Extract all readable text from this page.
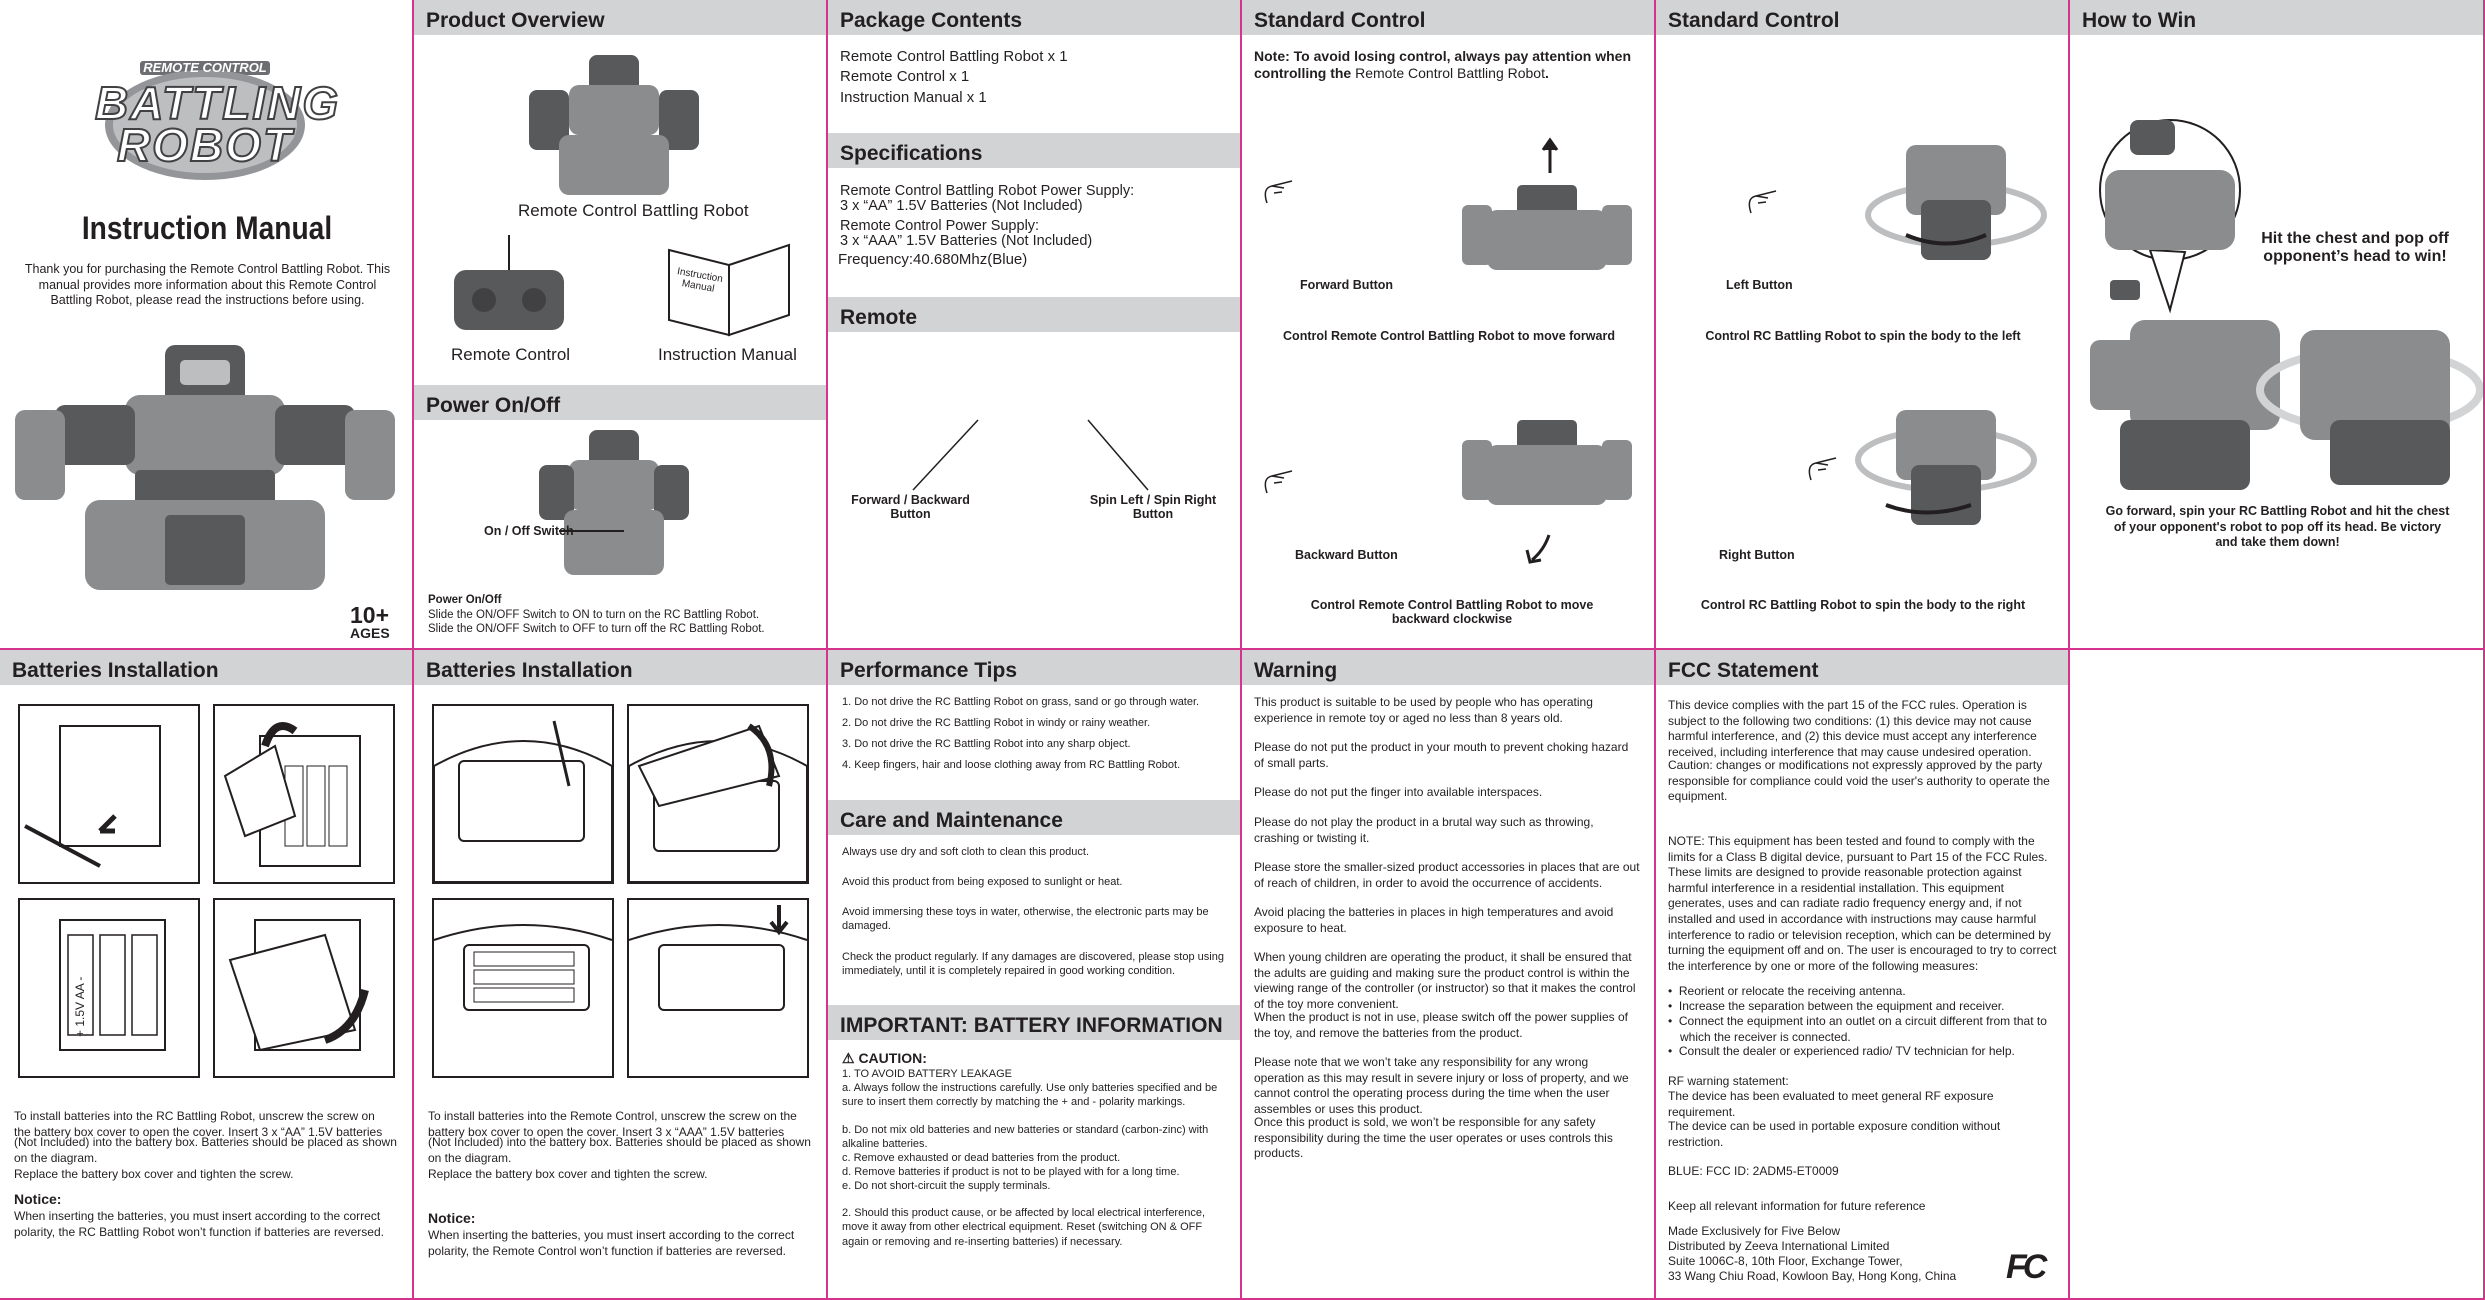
REMOTE CONTROL
BATTLING
ROBOT
Instruction Manual
Thank you for purchasing the Remote Control Battling Robot. This manual provides more information about this Remote Control Battling Robot, please read the instructions before using.
10+
AGES
Product Overview
Remote Control Battling Robot
Remote Control
Instruction Manual
Instruction Manual
Power On/Off
On / Off Switch
Power On/Off
Slide the ON/OFF Switch to ON to turn on the RC Battling Robot.
Slide the ON/OFF Switch to OFF to turn off the RC Battling Robot.
Package Contents
Remote Control Battling Robot x 1
Remote Control x 1
Instruction Manual x 1
Specifications
Remote Control Battling Robot Power Supply:
3 x “AA” 1.5V Batteries (Not Included)
Remote Control Power Supply:
3 x “AAA” 1.5V Batteries (Not Included)
Frequency:40.680Mhz(Blue)
Remote
Forward / Backward Button
Spin Left / Spin Right Button
Standard Control
Note: To avoid losing control, always pay attention when controlling the Remote Control Battling Robot.
Forward Button
Control Remote Control Battling Robot to move forward
Backward Button
Control Remote Control Battling Robot to move backward clockwise
Standard Control
Left Button
Control RC Battling Robot to spin the body to the left
Right Button
Control RC Battling Robot to spin the body to the right
How to Win
Hit the chest and pop off opponent’s head to win!
Go forward, spin your RC Battling Robot and hit the chest of your opponent's robot to pop off its head. Be victory and take them down!
Batteries Installation
+ 1.5V AA -
To install batteries into the RC Battling Robot, unscrew the screw on the battery box cover to open the cover. Insert 3 x “AA” 1.5V batteries
(Not Included) into the battery box. Batteries should be placed as shown on the diagram.
Replace the battery box cover and tighten the screw.
Notice:
When inserting the batteries, you must insert according to the correct polarity, the RC Battling Robot won’t function if batteries are reversed.
Batteries Installation
To install batteries into the Remote Control, unscrew the screw on the battery box cover to open the cover. Insert 3 x “AAA” 1.5V batteries
(Not Included) into the battery box. Batteries should be placed as shown on the diagram.
Replace the battery box cover and tighten the screw.
Notice:
When inserting the batteries, you must insert according to the correct polarity, the Remote Control won’t function if batteries are reversed.
Performance Tips
1. Do not drive the RC Battling Robot on grass, sand or go through water.
2. Do not drive the RC Battling Robot in windy or rainy weather.
3. Do not drive the RC Battling Robot into any sharp object.
4. Keep fingers, hair and loose clothing away from RC Battling Robot.
Care and Maintenance
Always use dry and soft cloth to clean this product.
Avoid this product from being exposed to sunlight or heat.
Avoid immersing these toys in water, otherwise, the electronic parts may be damaged.
Check the product regularly. If any damages are discovered, please stop using immediately, until it is completely repaired in good working condition.
IMPORTANT: BATTERY INFORMATION
⚠ CAUTION:
1. TO AVOID BATTERY LEAKAGE
a. Always follow the instructions carefully. Use only batteries specified and be sure to insert them correctly by matching the + and - polarity markings.
b. Do not mix old batteries and new batteries or standard (carbon-zinc) with alkaline batteries.
c. Remove exhausted or dead batteries from the product.
d. Remove batteries if product is not to be played with for a long time.
e. Do not short-circuit the supply terminals.
2. Should this product cause, or be affected by local electrical interference, move it away from other electrical equipment. Reset (switching ON & OFF again or removing and re-inserting batteries) if necessary.
Warning
This product is suitable to be used by people who has operating experience in remote toy or aged no less than 8 years old.
Please do not put the product in your mouth to prevent choking hazard of small parts.
Please do not put the finger into available interspaces.
Please do not play the product in a brutal way such as throwing, crashing or twisting it.
Please store the smaller-sized product accessories in places that are out of reach of children, in order to avoid the occurrence of accidents.
Avoid placing the batteries in places in high temperatures and avoid exposure to heat.
When young children are operating the product, it shall be ensured that the adults are guiding and making sure the product control is within the viewing range of the controller (or instructor) so that it makes the control of the toy more convenient.
When the product is not in use, please switch off the power supplies of the toy, and remove the batteries from the product.
Please note that we won’t take any responsibility for any wrong operation as this may result in severe injury or loss of property, and we cannot control the operating process during the time when the user assembles or uses this product.
Once this product is sold, we won’t be responsible for any safety responsibility during the time the user operates or uses controls this products.
FCC Statement
This device complies with the part 15 of the FCC rules. Operation is subject to the following two conditions: (1) this device may not cause harmful interference, and (2) this device must accept any interference received, including interference that may cause undesired operation.
Caution: changes or modifications not expressly approved by the party responsible for compliance could void the user's authority to operate the equipment.
NOTE: This equipment has been tested and found to comply with the limits for a Class B digital device, pursuant to Part 15 of the FCC Rules. These limits are designed to provide reasonable protection against harmful interference in a residential installation. This equipment generates, uses and can radiate radio frequency energy and, if not installed and used in accordance with instructions may cause harmful interference to radio or television reception, which can be determined by turning the equipment off and on. The user is encouraged to try to correct the interference by one or more of the following measures:
•  Reorient or relocate the receiving antenna.
•  Increase the separation between the equipment and receiver.
•  Connect the equipment into an outlet on a circuit different from that to which the receiver is connected.
•  Consult the dealer or experienced radio/ TV technician for help.
RF warning statement:
The device has been evaluated to meet general RF exposure requirement.
The device can be used in portable exposure condition without restriction.
BLUE: FCC ID: 2ADM5-ET0009
Keep all relevant information for future reference
Made Exclusively for Five Below
Distributed by Zeeva International Limited
Suite 1006C-8, 10th Floor, Exchange Tower,
33 Wang Chiu Road, Kowloon Bay, Hong Kong, China FC
